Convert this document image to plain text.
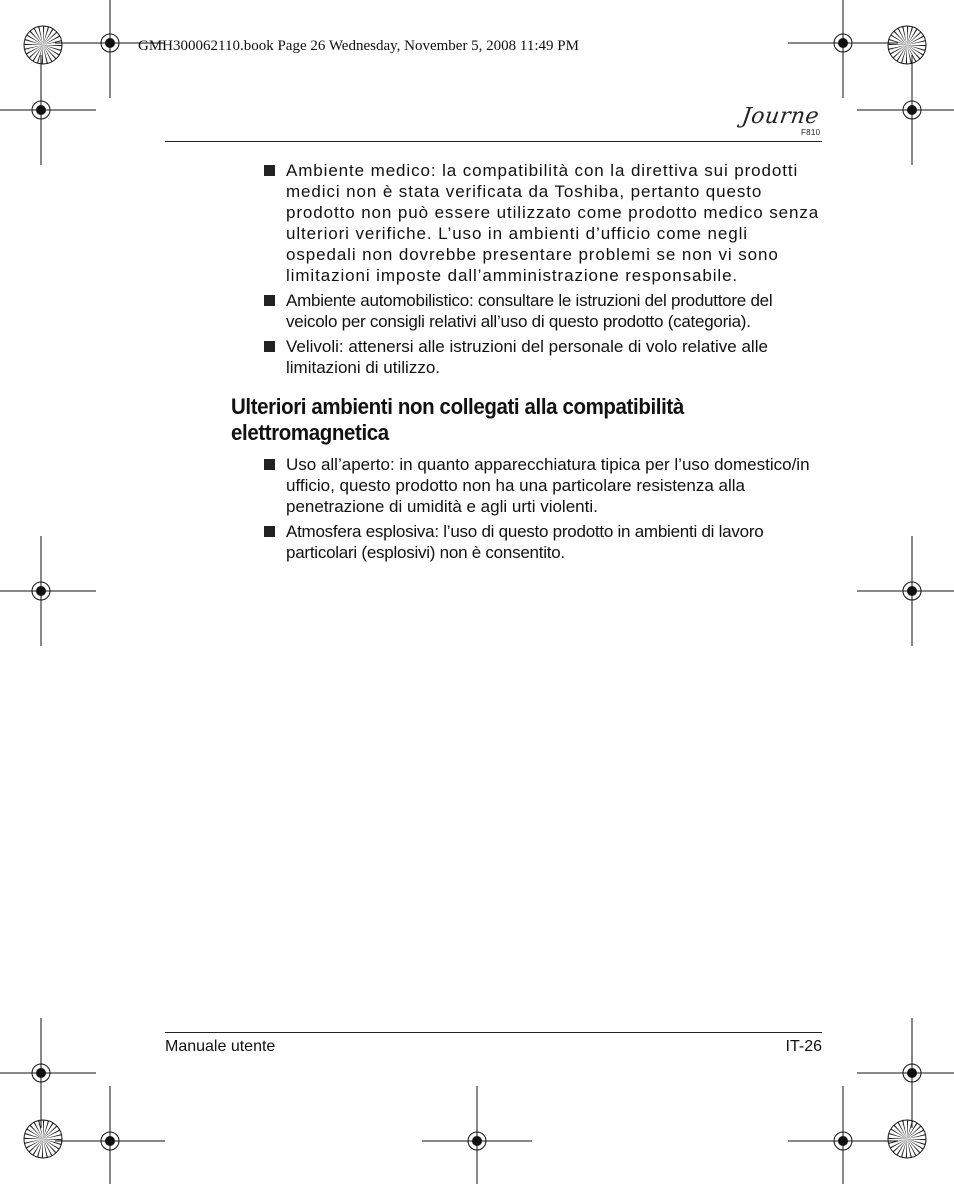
GMH300062110.book Page 26 Wednesday, November 5, 2008 11:49 PM
Journe
F810
Ambiente medico: la compatibilità con la direttiva sui prodotti medici non è stata verificata da Toshiba, pertanto questo prodotto non può essere utilizzato come prodotto medico senza ulteriori verifiche. L’uso in ambienti d’ufficio come negli ospedali non dovrebbe presentare problemi se non vi sono limitazioni imposte dall’amministrazione responsabile.
Ambiente automobilistico: consultare le istruzioni del produttore del veicolo per consigli relativi all’uso di questo prodotto (categoria).
Velivoli: attenersi alle istruzioni del personale di volo relative alle limitazioni di utilizzo.
Ulteriori ambienti non collegati alla compatibilità elettromagnetica
Uso all’aperto: in quanto apparecchiatura tipica per l’uso domestico/in ufficio, questo prodotto non ha una particolare resistenza alla penetrazione di umidità e agli urti violenti.
Atmosfera esplosiva: l’uso di questo prodotto in ambienti di lavoro particolari (esplosivi) non è consentito.
Manuale utente	IT-26
